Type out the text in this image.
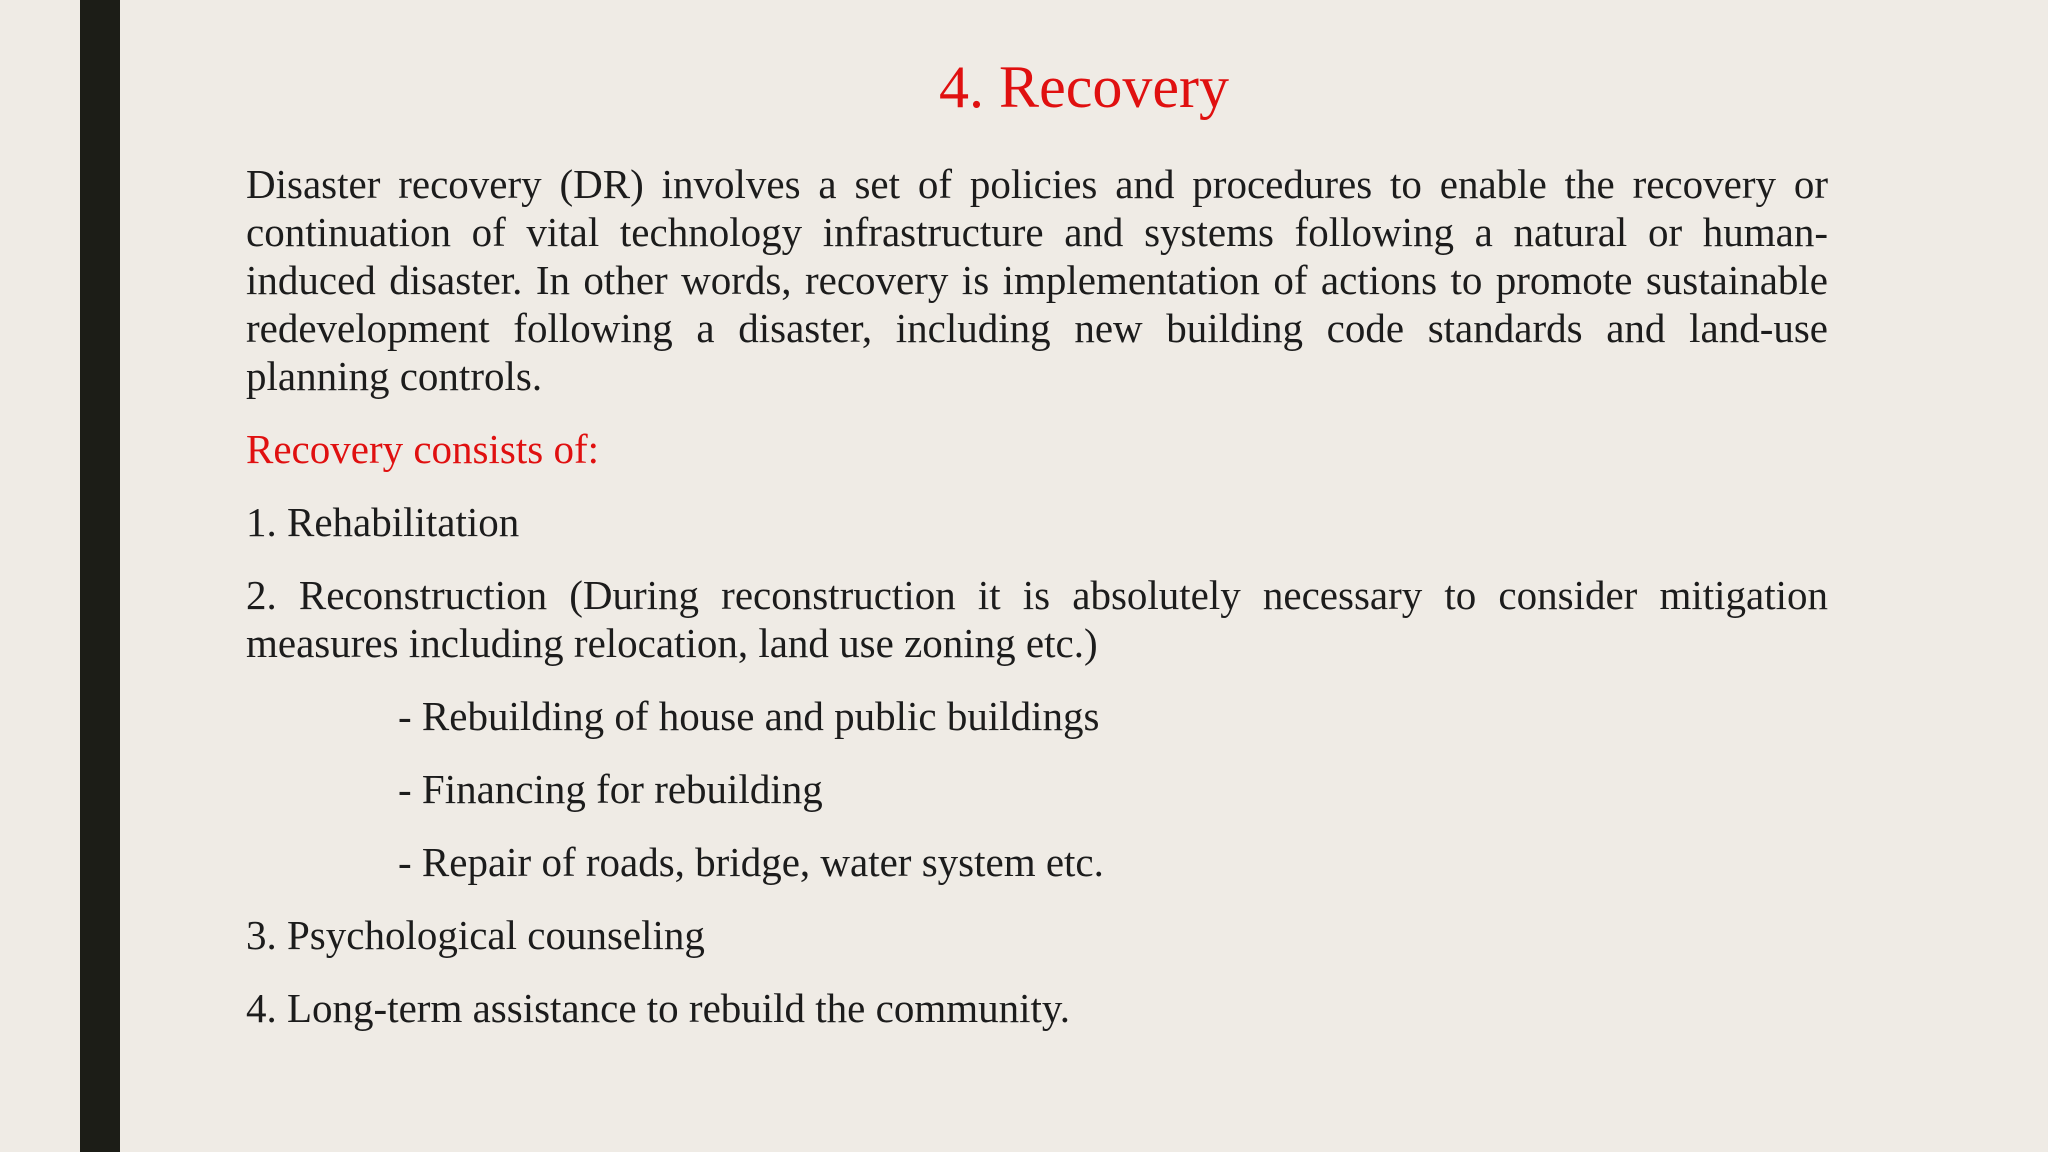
4. Recovery

Disaster recovery (DR) involves a set of policies and procedures to enable the recovery or continuation of vital technology infrastructure and systems following a natural or human-induced disaster. In other words, recovery is implementation of actions to promote sustainable redevelopment following a disaster, including new building code standards and land-use planning controls.

Recovery consists of:

1. Rehabilitation

2. Reconstruction (During reconstruction it is absolutely necessary to consider mitigation measures including relocation, land use zoning etc.)

- Rebuilding of house and public buildings

- Financing for rebuilding

- Repair of roads, bridge, water system etc.

3. Psychological counseling

4. Long-term assistance to rebuild the community.
